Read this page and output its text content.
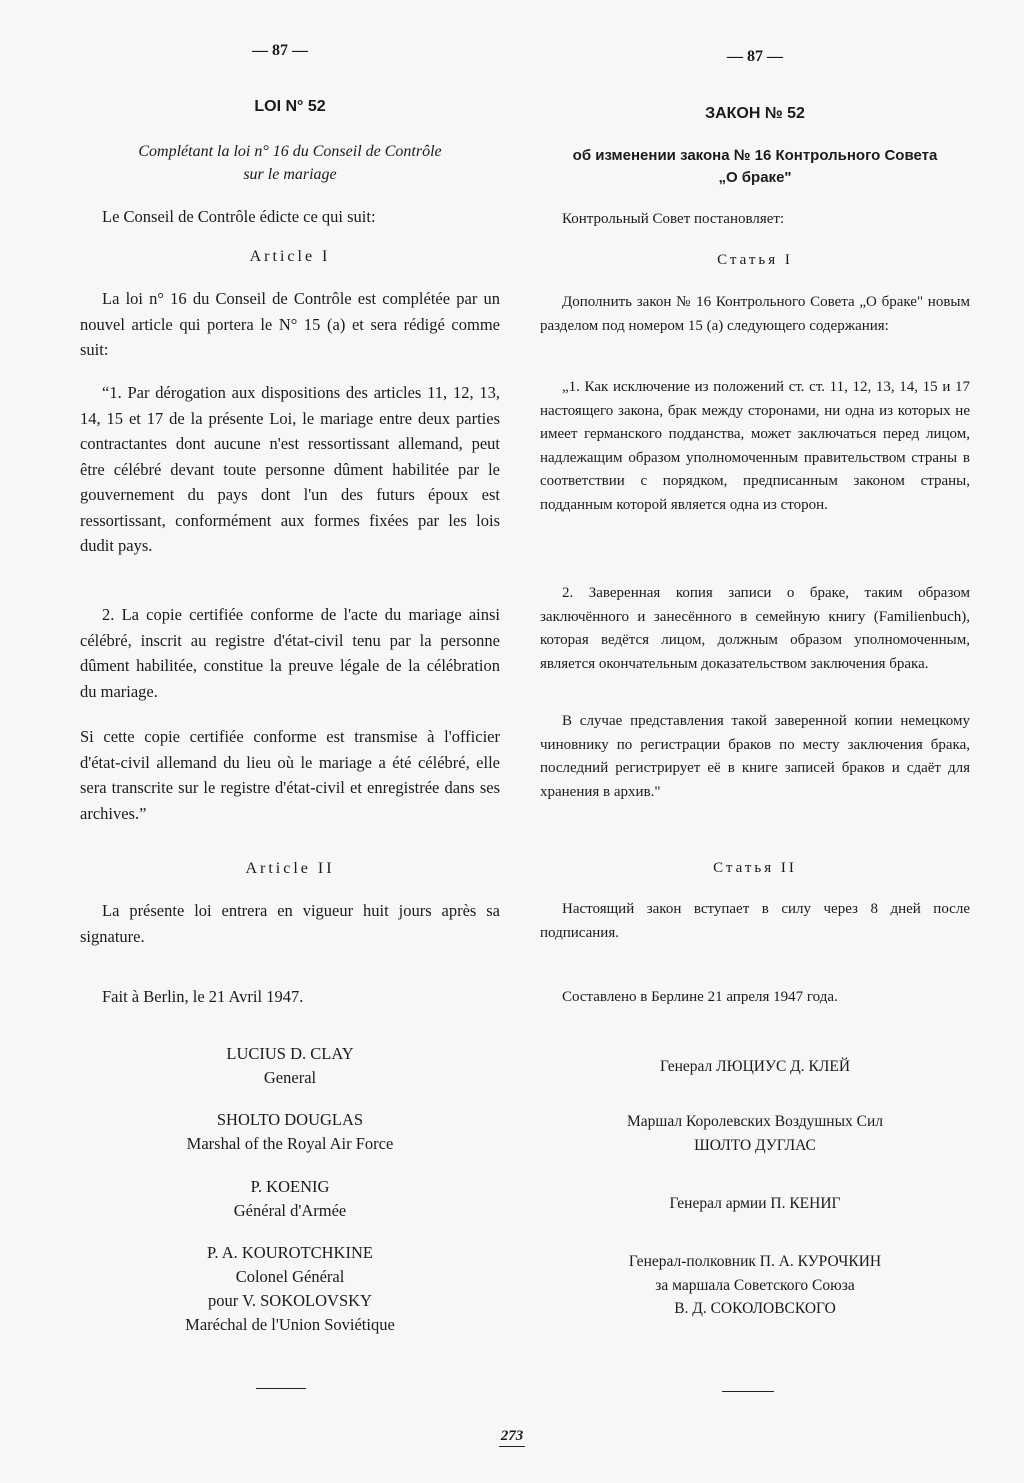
— 87 —
LOI N° 52
Complétant la loi n° 16 du Conseil de Contrôle
sur le mariage
Le Conseil de Contrôle édicte ce qui suit:
Article I
La loi n° 16 du Conseil de Contrôle est complétée par un nouvel article qui portera le N° 15 (a) et sera rédigé comme suit:
“1. Par dérogation aux dispositions des articles 11, 12, 13, 14, 15 et 17 de la présente Loi, le mariage entre deux parties contractantes dont aucune n'est ressortissant allemand, peut être célébré devant toute personne dûment habilitée par le gouvernement du pays dont l'un des futurs époux est ressortissant, conformément aux formes fixées par les lois dudit pays.
2. La copie certifiée conforme de l'acte du mariage ainsi célébré, inscrit au registre d'état-civil tenu par la personne dûment habilitée, constitue la preuve légale de la célébration du mariage.
Si cette copie certifiée conforme est transmise à l'officier d'état-civil allemand du lieu où le mariage a été célébré, elle sera transcrite sur le registre d'état-civil et enregistrée dans ses archives.”
Article II
La présente loi entrera en vigueur huit jours après sa signature.
Fait à Berlin, le 21 Avril 1947.
LUCIUS D. CLAY
General
SHOLTO DOUGLAS
Marshal of the Royal Air Force
P. KOENIG
Général d'Armée
P. A. KOUROTCHKINE
Colonel Général
pour V. SOKOLOVSKY
Maréchal de l'Union Soviétique
— 87 —
ЗАКОН № 52
об изменении закона № 16 Контрольного Совета
„О браке"
Контрольный Совет постановляет:
Статья I
Дополнить закон № 16 Контрольного Совета „О браке" новым разделом под номером 15 (а) следующего содержания:
„1. Как исключение из положений ст. ст. 11, 12, 13, 14, 15 и 17 настоящего закона, брак между сторонами, ни одна из которых не имеет германского подданства, может заключаться перед лицом, надлежащим образом уполномоченным правительством страны в соответствии с порядком, предписанным законом страны, подданным которой является одна из сторон.
2. Заверенная копия записи о браке, таким образом заключённого и занесённого в семейную книгу (Familienbuch), которая ведётся лицом, должным образом уполномоченным, является окончательным доказательством заключения брака.
В случае представления такой заверенной копии немецкому чиновнику по регистрации браков по месту заключения брака, последний регистрирует её в книге записей браков и сдаёт для хранения в архив."
Статья II
Настоящий закон вступает в силу через 8 дней после подписания.
Составлено в Берлине 21 апреля 1947 года.
Генерал ЛЮЦИУС Д. КЛЕЙ
Маршал Королевских Воздушных Сил
ШОЛТО ДУГЛАС
Генерал армии П. КЕНИГ
Генерал-полковник П. А. КУРОЧКИН
за маршала Советского Союза
В. Д. СОКОЛОВСКОГО
273
